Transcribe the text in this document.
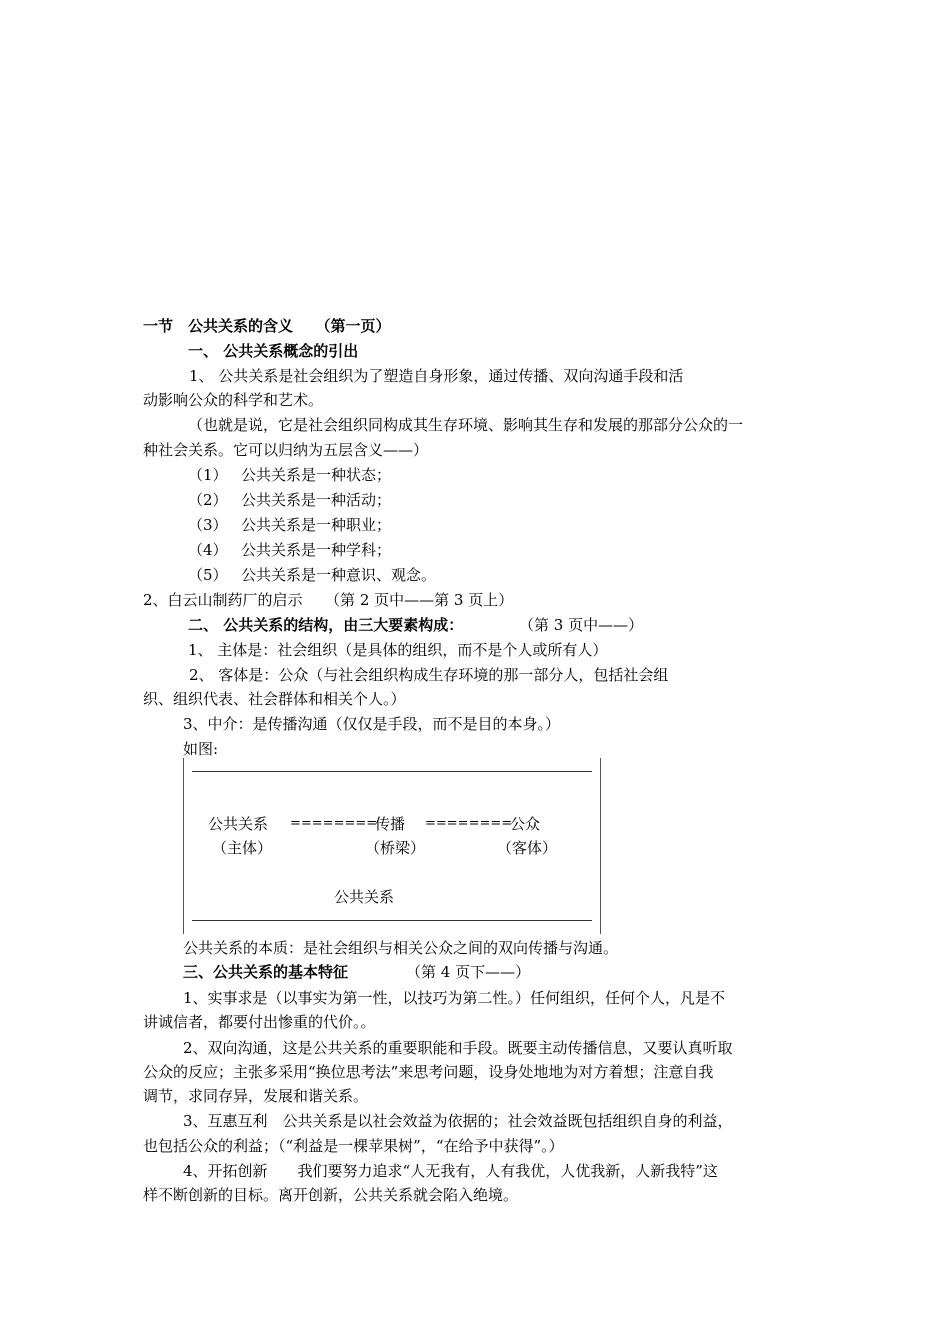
一节　公共关系的含义　　（第一页）
一、 公共关系概念的引出
1、 公共关系是社会组织为了塑造自身形象，通过传播、双向沟通手段和活
动影响公众的科学和艺术。
（也就是说，它是社会组织同构成其生存环境、影响其生存和发展的那部分公众的一
种社会关系。它可以归纳为五层含义——）
（1） 公共关系是一种状态；
（2） 公共关系是一种活动；
（3） 公共关系是一种职业；
（4） 公共关系是一种学科；
（5） 公共关系是一种意识、观念。
2、白云山制药厂的启示　　（第 2 页中——第 3 页上）
二、 公共关系的结构，由三大要素构成：	（第 3 页中——）
1、 主体是：社会组织（是具体的组织，而不是个人或所有人）
2、 客体是：公众（与社会组织构成生存环境的那一部分人，包括社会组
织、组织代表、社会群体和相关个人。）
3、中介：是传播沟通（仅仅是手段，而不是目的本身。）
如图:
公共关系 ========
传播 ========
公众
（主体）	（桥梁）	（客体）
公共关系
公共关系的本质：是社会组织与相关公众之间的双向传播与沟通。
三、公共关系的基本特征	（第 4 页下——）
1、实事求是（以事实为第一性，以技巧为第二性。）任何组织，任何个人，凡是不
讲诚信者，都要付出惨重的代价。。
2、双向沟通，这是公共关系的重要职能和手段。既要主动传播信息，又要认真听取
公众的反应；主张多采用“换位思考法”来思考问题，设身处地地为对方着想；注意自我
调节，求同存异，发展和谐关系。
3、互惠互利　公共关系是以社会效益为依据的；社会效益既包括组织自身的利益，
也包括公众的利益；（“利益是一棵苹果树”，“在给予中获得”。）
4、开拓创新　　我们要努力追求“人无我有，人有我优，人优我新，人新我特”这
样不断创新的目标。离开创新，公共关系就会陷入绝境。
